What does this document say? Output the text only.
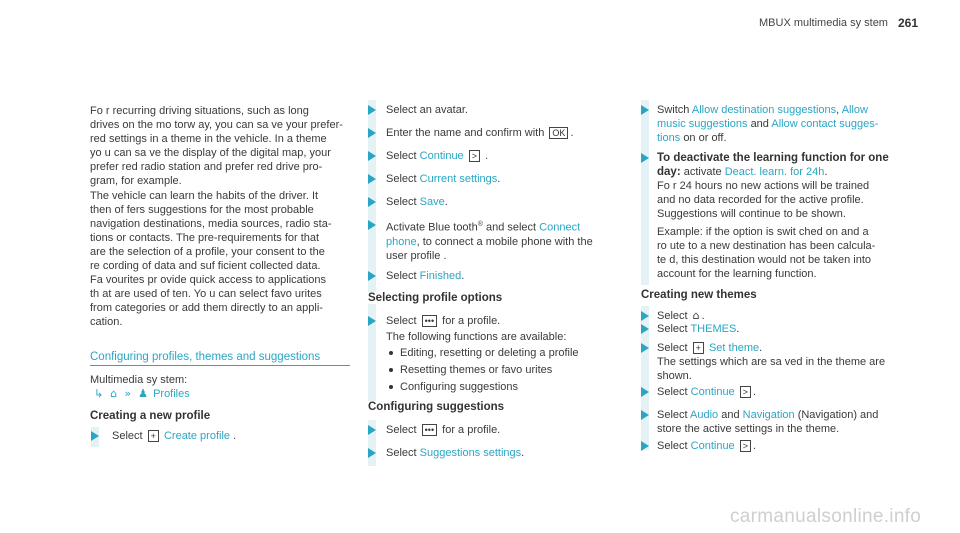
MBUX multimedia sy stem 261

Fo r recurring driving situations, such as long

drives on the mo torw ay, you can sa ve your prefer‐

red settings in a theme in the vehicle. In a theme

yo u can sa ve the display of the digital map, your

prefer red radio station and prefer red drive pro‐

gram, for example.

The vehicle can learn the habits of the driver. It

then of fers suggestions for the most probable

navigation destinations, media sources, radio sta‐

tions or contacts. The pre-requirements for that

are the selection of a profile, your consent to the

re cording of data and suf ficient collected data.

Fa vourites pr ovide quick access to applications

th at are used of ten. Yo u can select favo urites

from categories or add them directly to an appli‐

cation.

Configuring profiles, themes and suggestions
Multimedia sy stem:
↳ ⌂ » ♟ Profiles
Creating a new profile
Select + Create profile .
Select an avatar.
Enter the name and confirm with OK .
Select Continue > .
Select Current settings.
Select Save.

Activate Blue tooth® and select Connect

phone, to connect a mobile phone with the

user profile .

Select Finished.
Selecting profile options
Select ••• for a profile.
The following functions are available:
Editing, resetting or deleting a profile
Resetting themes or favo urites
Configuring suggestions
Configuring suggestions
Select ••• for a profile.
Select Suggestions settings.

Switch Allow destination suggestions, Allow

music suggestions and Allow contact sugges‐

tions on or off.

To deactivate the learning function for one

day: activate Deact. learn. for 24h.

Fo r 24 hours no new actions will be trained

and no data recorded for the active profile.

Suggestions will continue to be shown.

Example: if the option is swit ched on and a

ro ute to a new destination has been calcula‐

te d, this destination would not be taken into

account for the learning function.

Creating new themes
Select ⌂ .
Select THEMES.

Select + Set theme.

The settings which are sa ved in the theme are

shown.

Select Continue > .

Select Audio and Navigation (Navigation) and

store the active settings in the theme.

Select Continue > .
carmanualsonline.info
